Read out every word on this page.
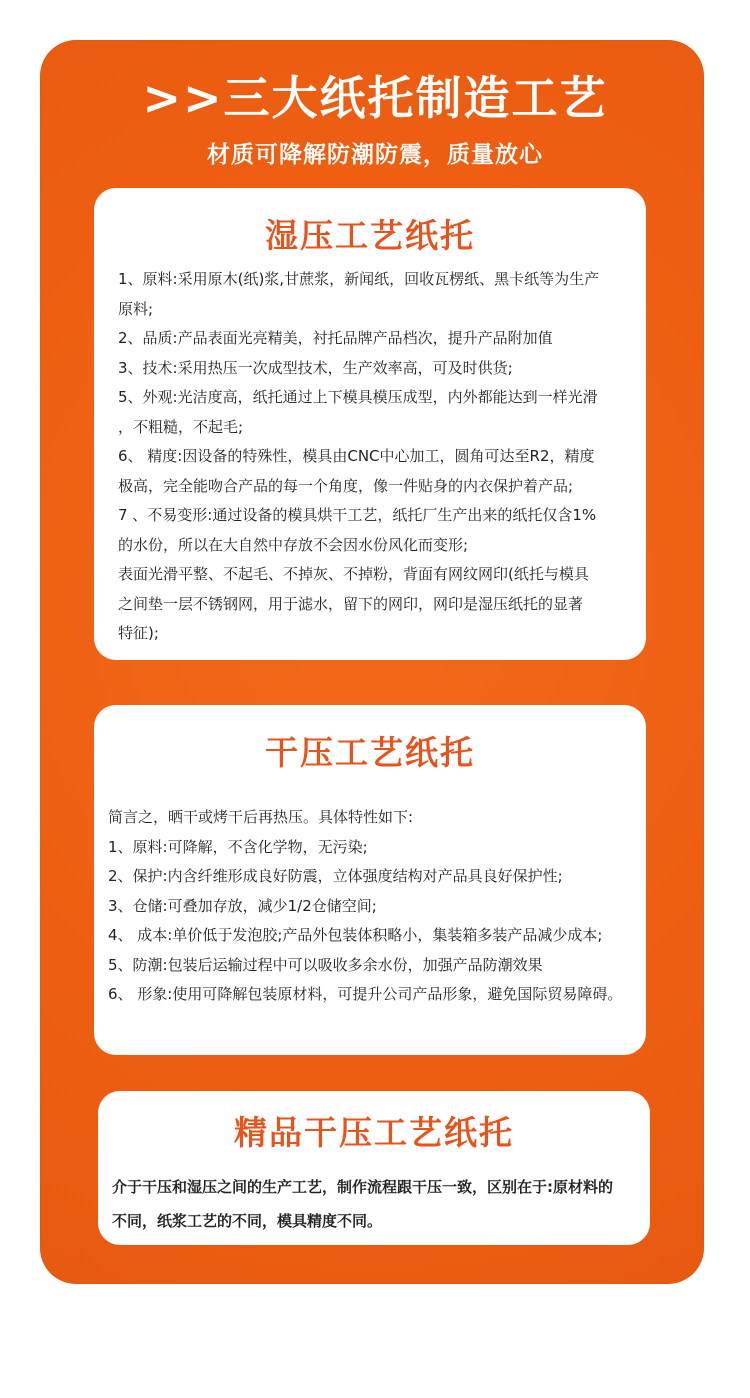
>>三大纸托制造工艺
材质可降解防潮防震，质量放心
湿压工艺纸托
1、原料:采用原木(纸)浆,甘蔗浆，新闻纸，回收瓦楞纸、黑卡纸等为生产
原料;
2、品质:产品表面光亮精美，衬托品牌产品档次，提升产品附加值
3、技术:采用热压一次成型技术，生产效率高，可及时供货;
5、外观:光洁度高，纸托通过上下模具模压成型，内外都能达到一样光滑
，不粗糙，不起毛;
6、 精度:因设备的特殊性，模具由CNC中心加工，圆角可达至R2，精度
极高，完全能吻合产品的每一个角度，像一件贴身的内衣保护着产品;
7 、不易变形:通过设备的模具烘干工艺，纸托厂生产出来的纸托仅含1%
的水份，所以在大自然中存放不会因水份风化而变形;
表面光滑平整、不起毛、不掉灰、不掉粉，背面有网纹网印(纸托与模具
之间垫一层不锈钢网，用于滤水，留下的网印，网印是湿压纸托的显著
特征);
干压工艺纸托
简言之，晒干或烤干后再热压。具体特性如下:
1、原料:可降解，不含化学物，无污染;
2、保护:内含纤维形成良好防震，立体强度结构对产品具良好保护性;
3、仓储:可叠加存放，减少1/2仓储空间;
4、 成本:单价低于发泡胶;产品外包装体积略小，集装箱多装产品减少成本;
5、防潮:包装后运输过程中可以吸收多余水份，加强产品防潮效果
6、 形象:使用可降解包装原材料，可提升公司产品形象，避免国际贸易障碍。
精品干压工艺纸托
介于干压和湿压之间的生产工艺，制作流程跟干压一致，区别在于:原材料的
不同，纸浆工艺的不同，模具精度不同。
